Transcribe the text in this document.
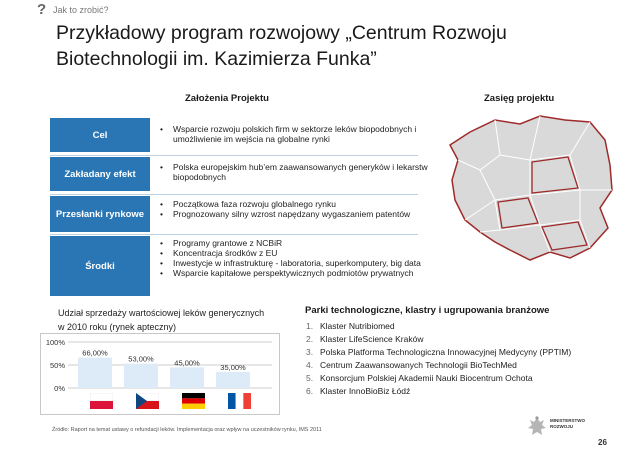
? Jak to zrobić?
Przykładowy program rozwojowy „Centrum Rozwoju
Biotechnologii im. Kazimierza Funka”
Założenia Projektu	Zasięg projektu
Cel
• Wsparcie rozwoju polskich firm w sektorze leków biopodobnych i umożliwienie im wejścia na globalne rynki
Zakładany efekt
• Polska europejskim hub’em zaawansowanych generyków i lekarstw biopodobnych
Przesłanki rynkowe
• Początkowa faza rozwoju globalnego rynku
• Prognozowany silny wzrost napędzany wygaszaniem patentów
Środki
• Programy grantowe z NCBiR
• Koncentracja środków z EU
• Inwestycje w infrastrukturę - laboratoria, superkomputery, big data
• Wsparcie kapitałowe perspektywicznych podmiotów prywatnych
Udział sprzedaży wartościowej leków generycznych
w 2010 roku (rynek apteczny)
0%
50%
100%
66,00%
53,00%	45,00%
35,00%
Parki technologiczne, klastry i ugrupowania branżowe
1. Klaster Nutribiomed
2. Klaster LifeScience Kraków
3. Polska Platforma Technologiczna Innowacyjnej Medycyny (PPTIM)
4. Centrum Zaawansowanych Technologii BioTechMed
5. Konsorcjum Polskiej Akademii Nauki Biocentrum Ochota
6. Klaster InnoBioBiz Łódź
Źródło: Raport na temat ustawy o refundacji leków. Implementacja oraz wpływ na uczestników rynku, IMS 2011
MINISTERSTWO
ROZWOJU
26
